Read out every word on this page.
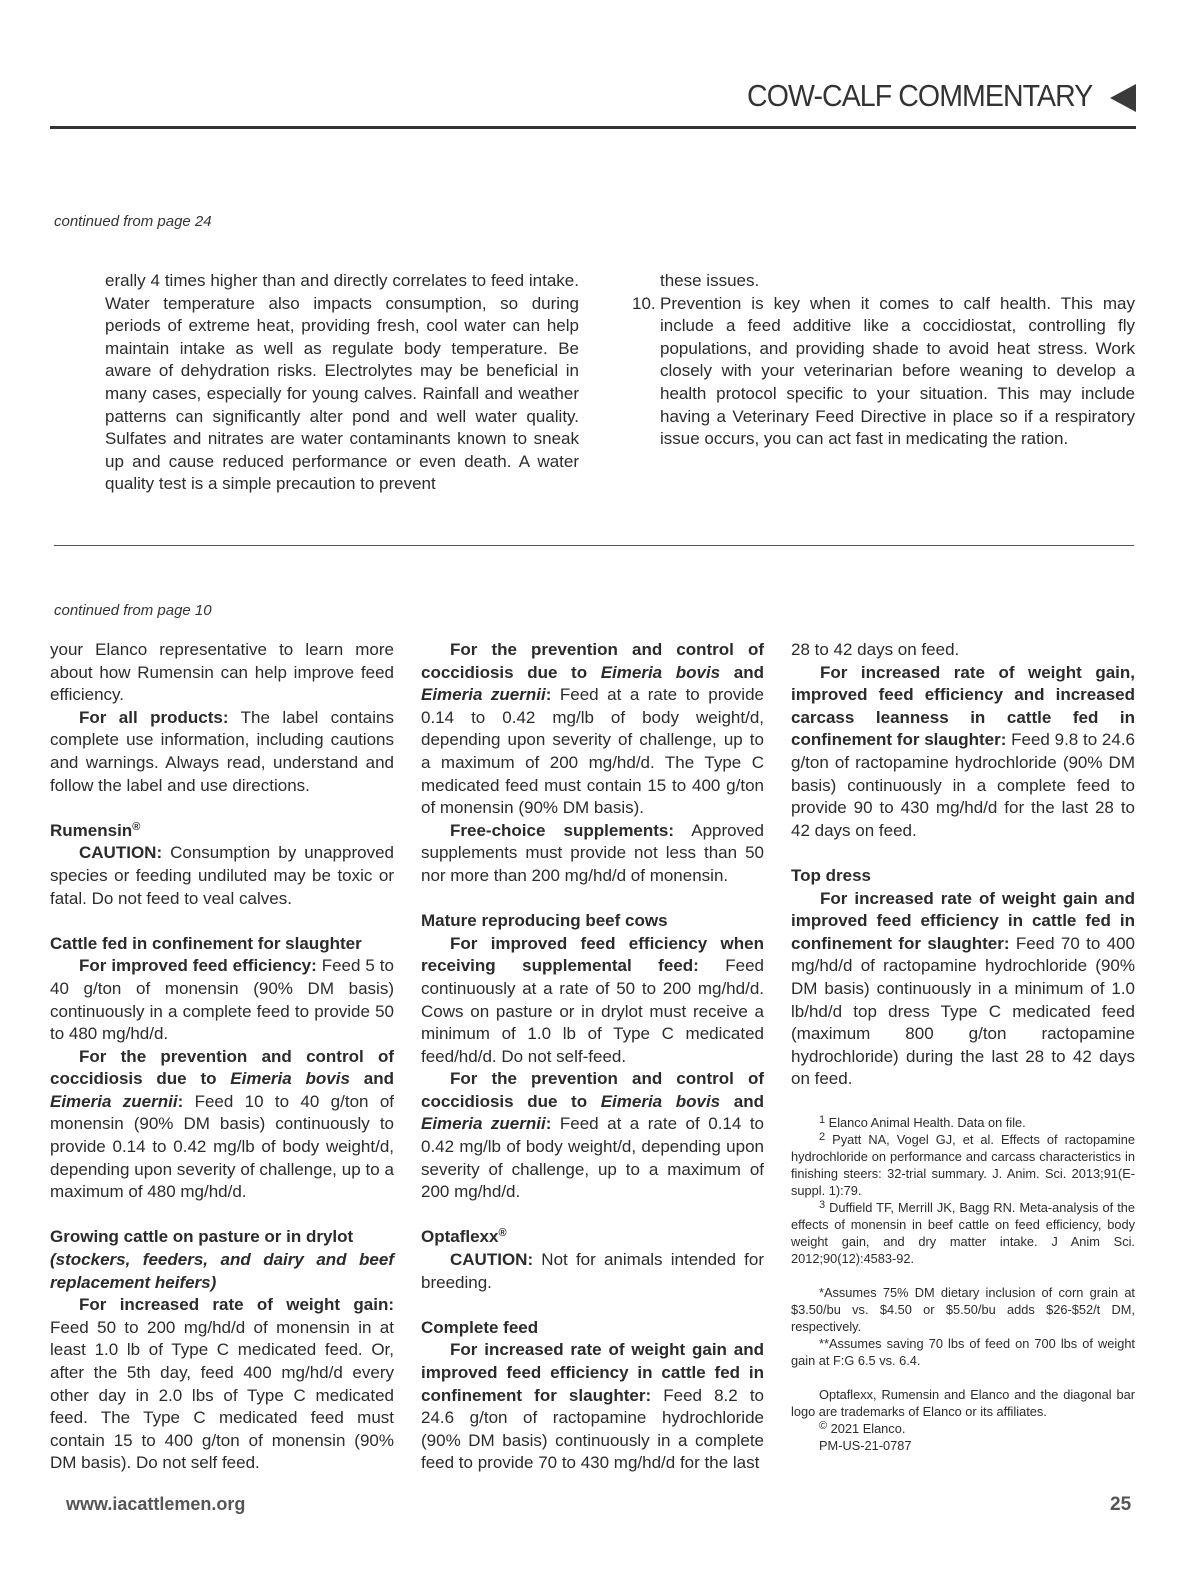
COW-CALF COMMENTARY
continued from page 24

erally 4 times higher than and directly correlates to feed intake. Water temperature also impacts consumption, so during periods of extreme heat, providing fresh, cool water can help maintain intake as well as regulate body temperature. Be aware of dehydration risks. Electrolytes may be beneficial in many cases, especially for young calves. Rainfall and weather patterns can significantly alter pond and well water quality. Sulfates and nitrates are water contaminants known to sneak up and cause reduced performance or even death. A water quality test is a simple precaution to prevent

these issues.

10. Prevention is key when it comes to calf health. This may include a feed additive like a coccidiostat, controlling fly populations, and providing shade to avoid heat stress. Work closely with your veterinarian before weaning to develop a health protocol specific to your situation. This may include having a Veterinary Feed Directive in place so if a respiratory issue occurs, you can act fast in medicating the ration.

continued from page 10

your Elanco representative to learn more about how Rumensin can help improve feed efficiency.

For all products: The label contains complete use information, including cautions and warnings. Always read, understand and follow the label and use directions.

Rumensin®

CAUTION: Consumption by unapproved species or feeding undiluted may be toxic or fatal. Do not feed to veal calves.

Cattle fed in confinement for slaughter

For improved feed efficiency: Feed 5 to 40 g/ton of monensin (90% DM basis) continuously in a complete feed to provide 50 to 480 mg/hd/d.

For the prevention and control of coccidiosis due to Eimeria bovis and Eimeria zuernii: Feed 10 to 40 g/ton of monensin (90% DM basis) continuously to provide 0.14 to 0.42 mg/lb of body weight/d, depending upon severity of challenge, up to a maximum of 480 mg/hd/d.

Growing cattle on pasture or in drylot

(stockers, feeders, and dairy and beef replacement heifers)

For increased rate of weight gain: Feed 50 to 200 mg/hd/d of monensin in at least 1.0 lb of Type C medicated feed. Or, after the 5th day, feed 400 mg/hd/d every other day in 2.0 lbs of Type C medicated feed. The Type C medicated feed must contain 15 to 400 g/ton of monensin (90% DM basis). Do not self feed.

For the prevention and control of coccidiosis due to Eimeria bovis and Eimeria zuernii: Feed at a rate to provide 0.14 to 0.42 mg/lb of body weight/d, depending upon severity of challenge, up to a maximum of 200 mg/hd/d. The Type C medicated feed must contain 15 to 400 g/ton of monensin (90% DM basis).

Free-choice supplements: Approved supplements must provide not less than 50 nor more than 200 mg/hd/d of monensin.

Mature reproducing beef cows

For improved feed efficiency when receiving supplemental feed: Feed continuously at a rate of 50 to 200 mg/hd/d. Cows on pasture or in drylot must receive a minimum of 1.0 lb of Type C medicated feed/hd/d. Do not self-feed.

For the prevention and control of coccidiosis due to Eimeria bovis and Eimeria zuernii: Feed at a rate of 0.14 to 0.42 mg/lb of body weight/d, depending upon severity of challenge, up to a maximum of 200 mg/hd/d.

Optaflexx®

CAUTION: Not for animals intended for breeding.

Complete feed

For increased rate of weight gain and improved feed efficiency in cattle fed in confinement for slaughter: Feed 8.2 to 24.6 g/ton of ractopamine hydrochloride (90% DM basis) continuously in a complete feed to provide 70 to 430 mg/hd/d for the last

28 to 42 days on feed.

For increased rate of weight gain, improved feed efficiency and increased carcass leanness in cattle fed in confinement for slaughter: Feed 9.8 to 24.6 g/ton of ractopamine hydrochloride (90% DM basis) continuously in a complete feed to provide 90 to 430 mg/hd/d for the last 28 to 42 days on feed.

Top dress

For increased rate of weight gain and improved feed efficiency in cattle fed in confinement for slaughter: Feed 70 to 400 mg/hd/d of ractopamine hydrochloride (90% DM basis) continuously in a minimum of 1.0 lb/hd/d top dress Type C medicated feed (maximum 800 g/ton ractopamine hydrochloride) during the last 28 to 42 days on feed.

$^1$ Elanco Animal Health. Data on file.

$^2$ Pyatt NA, Vogel GJ, et al. Effects of ractopamine hydrochloride on performance and carcass characteristics in finishing steers: 32-trial summary. J. Anim. Sci. 2013;91(E-suppl. 1):79.

$^3$ Duffield TF, Merrill JK, Bagg RN. Meta-analysis of the effects of monensin in beef cattle on feed efficiency, body weight gain, and dry matter intake. J Anim Sci. 2012;90(12):4583-92.

*Assumes 75% DM dietary inclusion of corn grain at $3.50/bu vs. $4.50 or $5.50/bu adds $26-$52/t DM, respectively.

**Assumes saving 70 lbs of feed on 700 lbs of weight gain at F:G 6.5 vs. 6.4.

Optaflexx, Rumensin and Elanco and the diagonal bar logo are trademarks of Elanco or its affiliates.

© 2021 Elanco.

PM-US-21-0787

www.iacattlemen.org	25
